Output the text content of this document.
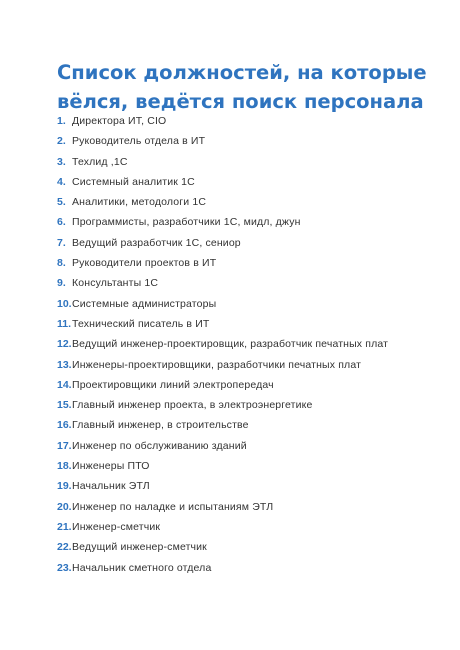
Список должностей, на которые вёлся, ведётся поиск персонала
1. Директора ИТ, CIO
2. Руководитель отдела в ИТ
3. Техлид ,1С
4. Системный аналитик 1С
5. Аналитики, методологи 1С
6. Программисты, разработчики 1С, мидл, джун
7. Ведущий разработчик 1С, сениор
8. Руководители проектов в ИТ
9. Консультанты 1С
10. Системные администраторы
11. Технический писатель в ИТ
12. Ведущий инженер-проектировщик, разработчик печатных плат
13. Инженеры-проектировщики, разработчики печатных плат
14. Проектировщики линий электропередач
15. Главный инженер проекта, в электроэнергетике
16. Главный инженер, в строительстве
17. Инженер по обслуживанию зданий
18. Инженеры ПТО
19. Начальник ЭТЛ
20. Инженер по наладке и испытаниям ЭТЛ
21. Инженер-сметчик
22. Ведущий инженер-сметчик
23. Начальник сметного отдела
